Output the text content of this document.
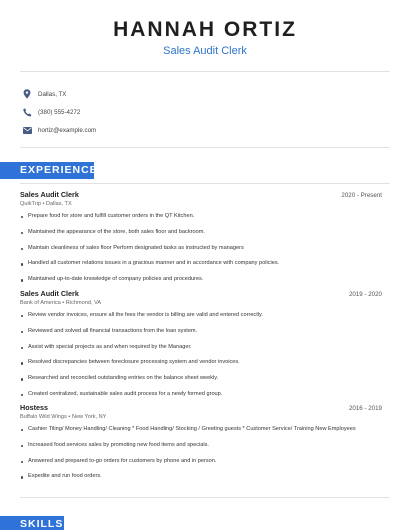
HANNAH ORTIZ
Sales Audit Clerk
Dallas, TX
(380) 555-4272
hortiz@example.com
EXPERIENCE
Sales Audit Clerk	2020 - Present
QuikTrip • Dallas, TX
Prepare food for store and fulfill customer orders in the QT Kitchen.
Maintained the appearance of the store, both sales floor and backroom.
Maintain cleanliness of sales floor Perform designated tasks as instructed by managers
Handled all customer relations issues in a gracious manner and in accordance with company policies.
Maintained up-to-date knowledge of company policies and procedures.
Sales Audit Clerk	2019 - 2020
Bank of America • Richmond, VA
Review vendor invoices, ensure all the fees the vendor is billing are valid and entered correctly.
Reviewed and solved all financial transactions from the loan system.
Assist with special projects as and when required by the Manager.
Resolved discrepancies between foreclosure processing system and vendor invoices.
Researched and reconciled outstanding entries on the balance sheet weekly.
Created centralized, sustainable sales audit process for a newly formed group.
Hostess	2016 - 2019
Buffalo Wild Wings • New York, NY
Cashier Tiling/ Money Handling/ Cleaning * Food Handling/ Stocking / Greeting guests * Customer Service/ Training New Employees
Increased food services sales by promoting new food items and specials.
Answered and prepared to-go orders for customers by phone and in person.
Expedite and run food orders.
SKILLS
